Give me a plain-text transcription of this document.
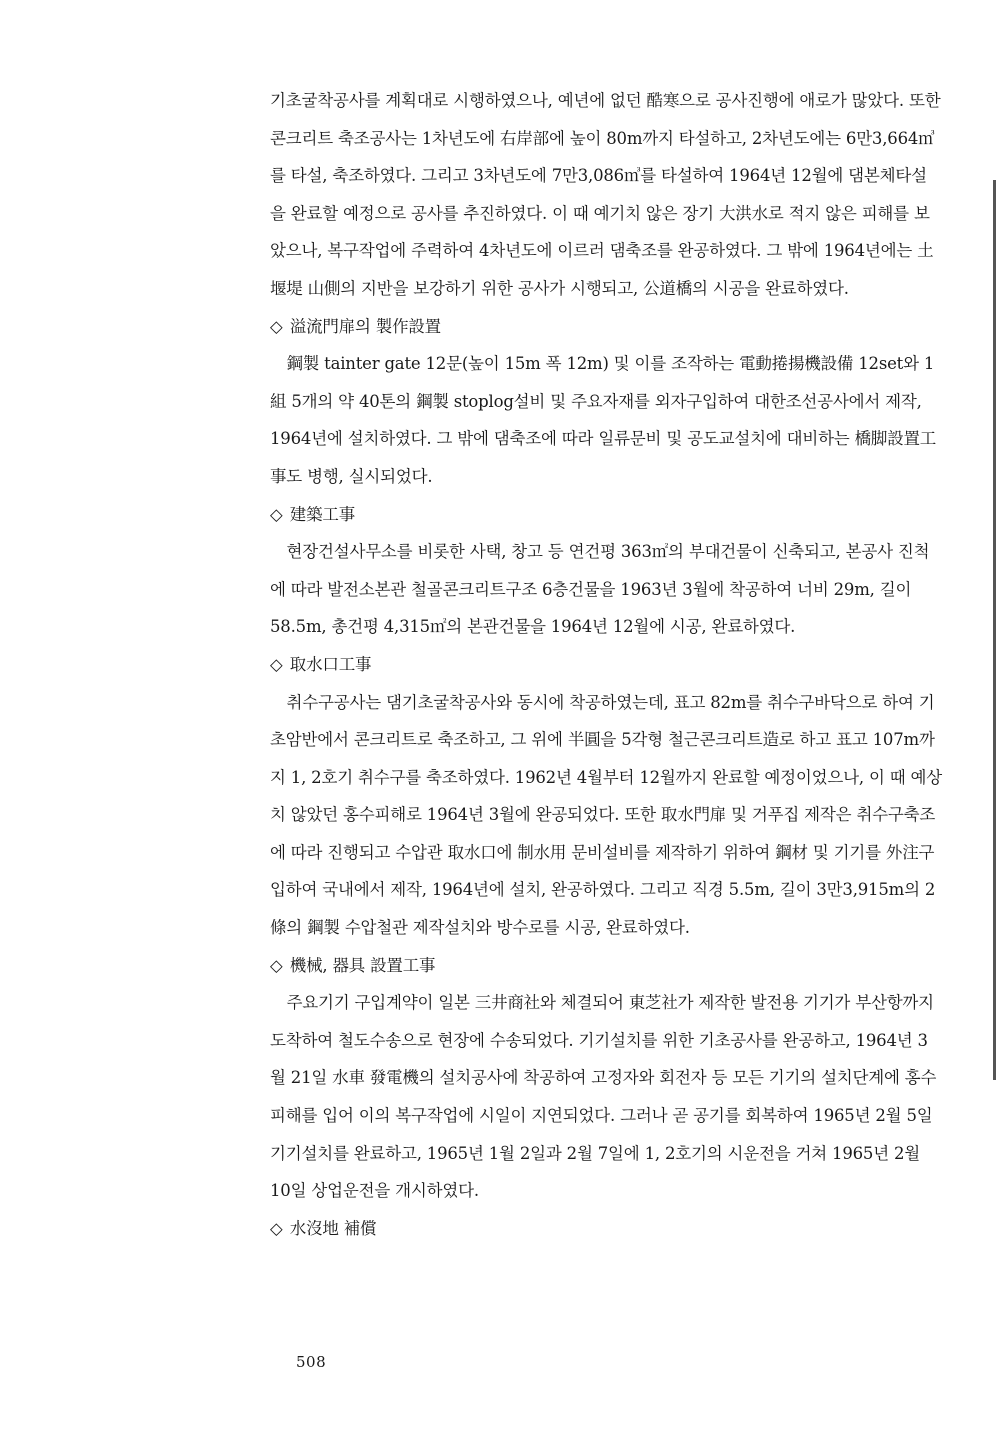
기초굴착공사를 계획대로 시행하였으나, 예년에 없던 酷寒으로 공사진행에 애로가 많았다. 또한 콘크리트 축조공사는 1차년도에 右岸部에 높이 80m까지 타설하고, 2차년도에는 6만3,664㎥를 타설, 축조하였다. 그리고 3차년도에 7만3,086㎥를 타설하여 1964년 12월에 댐본체타설을 완료할 예정으로 공사를 추진하였다. 이 때 예기치 않은 장기 大洪水로 적지 않은 피해를 보았으나, 복구작업에 주력하여 4차년도에 이르러 댐축조를 완공하였다. 그 밖에 1964년에는 土堰堤 山側의 지반을 보강하기 위한 공사가 시행되고, 公道橋의 시공을 완료하였다.

◇ 溢流門扉의 製作設置

鋼製 tainter gate 12문(높이 15m 폭 12m) 및 이를 조작하는 電動捲揚機設備 12set와 1組 5개의 약 40톤의 鋼製 stoplog설비 및 주요자재를 외자구입하여 대한조선공사에서 제작, 1964년에 설치하였다. 그 밖에 댐축조에 따라 일류문비 및 공도교설치에 대비하는 橋脚設置工事도 병행, 실시되었다.

◇ 建築工事

현장건설사무소를 비롯한 사택, 창고 등 연건평 363㎡의 부대건물이 신축되고, 본공사 진척에 따라 발전소본관 철골콘크리트구조 6층건물을 1963년 3월에 착공하여 너비 29m, 길이 58.5m, 총건평 4,315㎡의 본관건물을 1964년 12월에 시공, 완료하였다.

◇ 取水口工事

취수구공사는 댐기초굴착공사와 동시에 착공하였는데, 표고 82m를 취수구바닥으로 하여 기초암반에서 콘크리트로 축조하고, 그 위에 半圓을 5각형 철근콘크리트造로 하고 표고 107m까지 1, 2호기 취수구를 축조하였다. 1962년 4월부터 12월까지 완료할 예정이었으나, 이 때 예상치 않았던 홍수피해로 1964년 3월에 완공되었다. 또한 取水門扉 및 거푸집 제작은 취수구축조에 따라 진행되고 수압관 取水口에 制水用 문비설비를 제작하기 위하여 鋼材 및 기기를 外注구입하여 국내에서 제작, 1964년에 설치, 완공하였다. 그리고 직경 5.5m, 길이 3만3,915m의 2條의 鋼製 수압철관 제작설치와 방수로를 시공, 완료하였다.

◇ 機械, 器具 設置工事

주요기기 구입계약이 일본 三井商社와 체결되어 東芝社가 제작한 발전용 기기가 부산항까지 도착하여 철도수송으로 현장에 수송되었다. 기기설치를 위한 기초공사를 완공하고, 1964년 3월 21일 水車 發電機의 설치공사에 착공하여 고정자와 회전자 등 모든 기기의 설치단계에 홍수피해를 입어 이의 복구작업에 시일이 지연되었다. 그러나 곧 공기를 회복하여 1965년 2월 5일 기기설치를 완료하고, 1965년 1월 2일과 2월 7일에 1, 2호기의 시운전을 거쳐 1965년 2월 10일 상업운전을 개시하였다.

◇ 水沒地 補償
508
